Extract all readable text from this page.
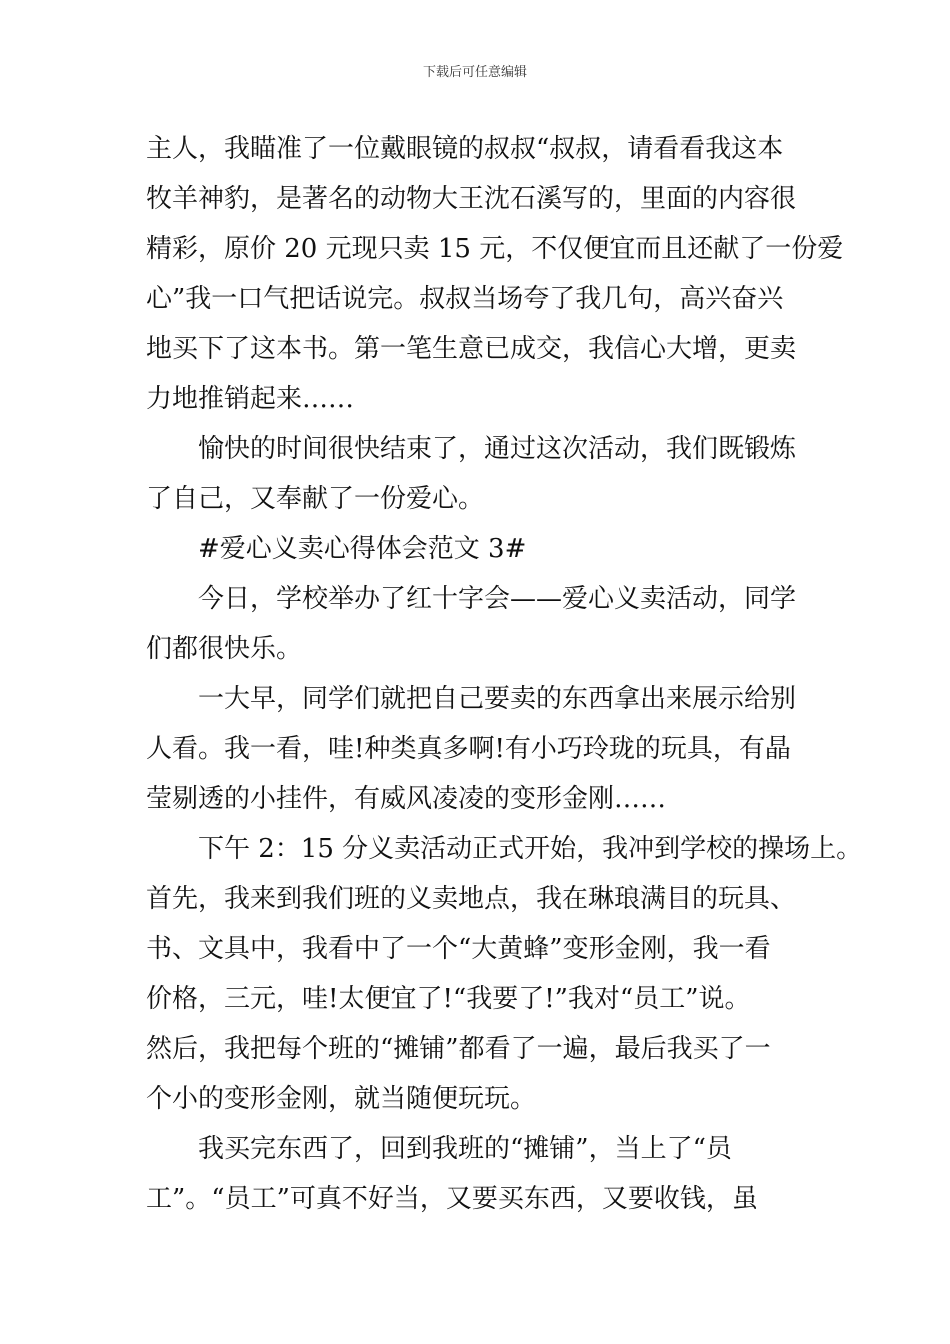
下载后可任意编辑
主人，我瞄准了一位戴眼镜的叔叔“叔叔，请看看我这本
牧羊神豹，是著名的动物大王沈石溪写的，里面的内容很
精彩，原价 20 元现只卖 15 元，不仅便宜而且还献了一份爱
心”我一口气把话说完。叔叔当场夸了我几句，高兴奋兴
地买下了这本书。第一笔生意已成交，我信心大增，更卖
力地推销起来……
愉快的时间很快结束了，通过这次活动，我们既锻炼
了自己，又奉献了一份爱心。
#爱心义卖心得体会范文 3#
今日，学校举办了红十字会——爱心义卖活动，同学
们都很快乐。
一大早，同学们就把自己要卖的东西拿出来展示给别
人看。我一看，哇!种类真多啊!有小巧玲珑的玩具，有晶
莹剔透的小挂件，有威风凌凌的变形金刚……
下午 2：15 分义卖活动正式开始，我冲到学校的操场上。
首先，我来到我们班的义卖地点，我在琳琅满目的玩具、
书、文具中，我看中了一个“大黄蜂”变形金刚，我一看
价格，三元，哇!太便宜了!“我要了!”我对“员工”说。
然后，我把每个班的“摊铺”都看了一遍，最后我买了一
个小的变形金刚，就当随便玩玩。
我买完东西了，回到我班的“摊铺”，当上了“员
工”。“员工”可真不好当，又要买东西，又要收钱，虽
